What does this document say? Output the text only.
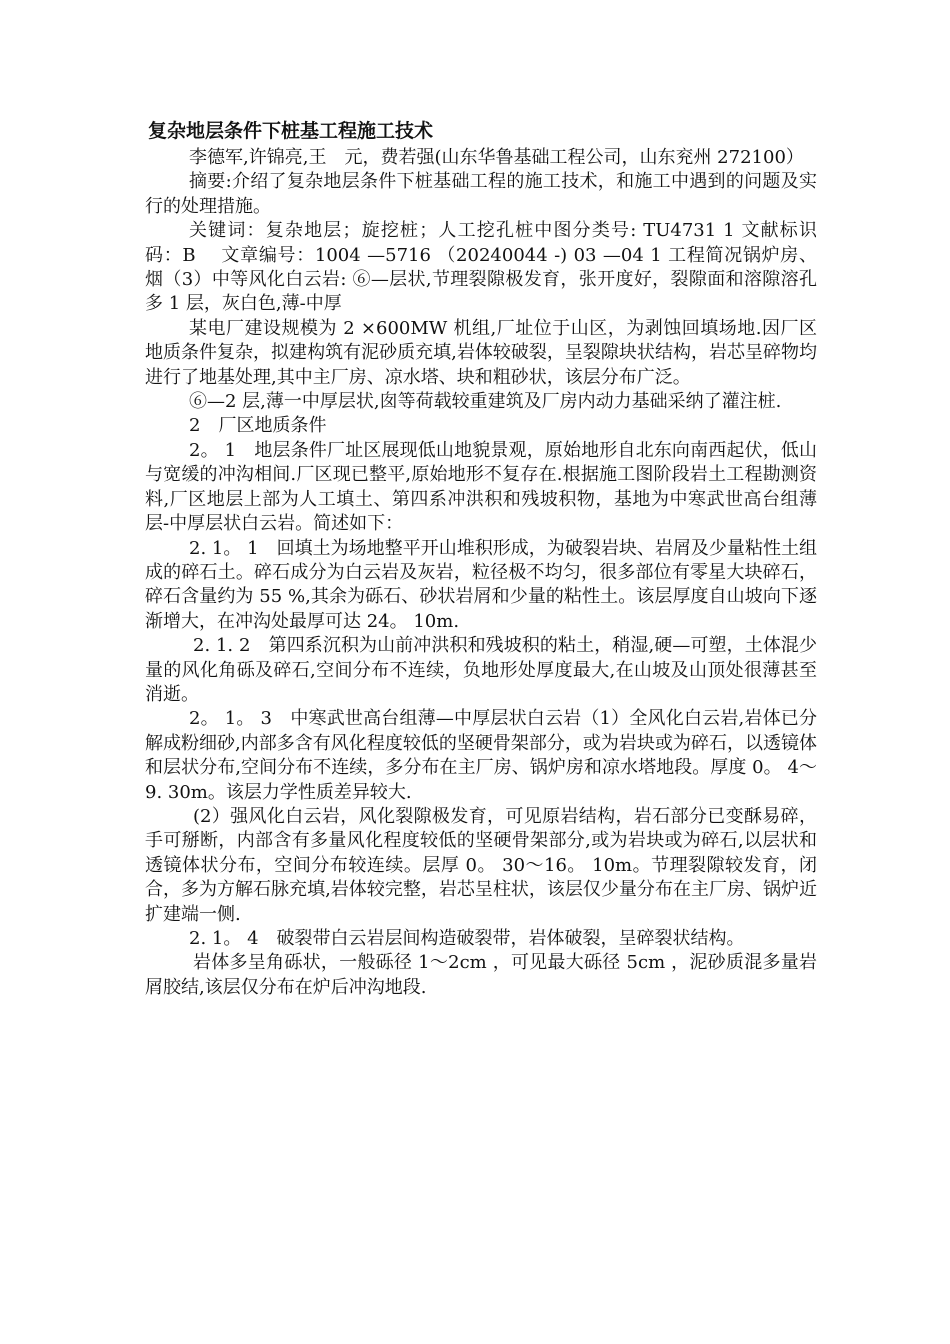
复杂地层条件下桩基工程施工技术

李德军,许锦亮,王　元，费若强(山东华鲁基础工程公司，山东兖州 272100）

摘要:介绍了复杂地层条件下桩基础工程的施工技术，和施工中遇到的问题及实行的处理措施。

关键词：复杂地层；旋挖桩；人工挖孔桩中图分类号: TU4731 1 文献标识码：B　 文章编号：1004 —5716 （20240044 -) 03 —04 1 工程简况锅炉房、烟（3）中等风化白云岩: ⑥—层状,节理裂隙极发育，张开度好，裂隙面和溶隙溶孔多 1 层，灰白色,薄-中厚

某电厂建设规模为 2 ×600MW 机组,厂址位于山区，为剥蚀回填场地.因厂区地质条件复杂，拟建构筑有泥砂质充填,岩体较破裂，呈裂隙块状结构，岩芯呈碎物均进行了地基处理,其中主厂房、凉水塔、块和粗砂状，该层分布广泛。

⑥—2 层,薄一中厚层状,囱等荷载较重建筑及厂房内动力基础采纳了灌注桩.

2　厂区地质条件

2。 1　地层条件厂址区展现低山地貌景观，原始地形自北东向南西起伏，低山与宽缓的冲沟相间.厂区现已整平,原始地形不复存在.根据施工图阶段岩土工程勘测资料,厂区地层上部为人工填土、第四系冲洪积和残坡积物，基地为中寒武世高台组薄层-中厚层状白云岩。简述如下：

2. 1。 1　回填土为场地整平开山堆积形成，为破裂岩块、岩屑及少量粘性土组成的碎石土。碎石成分为白云岩及灰岩，粒径极不均匀，很多部位有零星大块碎石，碎石含量约为 55 %,其余为砾石、砂状岩屑和少量的粘性土。该层厚度自山坡向下逐渐增大，在冲沟处最厚可达 24。 10m.

2. 1. 2　第四系沉积为山前冲洪积和残坡积的粘土，稍湿,硬—可塑，土体混少量的风化角砾及碎石,空间分布不连续，负地形处厚度最大,在山坡及山顶处很薄甚至消逝。

2。 1。 3　中寒武世高台组薄—中厚层状白云岩（1）全风化白云岩,岩体已分解成粉细砂,内部多含有风化程度较低的坚硬骨架部分，或为岩块或为碎石，以透镜体和层状分布,空间分布不连续，多分布在主厂房、锅炉房和凉水塔地段。厚度 0。 4～9. 30m。该层力学性质差异较大.

(2）强风化白云岩，风化裂隙极发育，可见原岩结构，岩石部分已变酥易碎，手可掰断，内部含有多量风化程度较低的坚硬骨架部分,或为岩块或为碎石,以层状和透镜体状分布，空间分布较连续。层厚 0。 30～16。 10m。节理裂隙较发育，闭合，多为方解石脉充填,岩体较完整，岩芯呈柱状，该层仅少量分布在主厂房、锅炉近扩建端一侧.

2. 1。 4　破裂带白云岩层间构造破裂带，岩体破裂，呈碎裂状结构。

岩体多呈角砾状，一般砾径 1～2cm ，可见最大砾径 5cm ，泥砂质混多量岩屑胶结,该层仅分布在炉后冲沟地段.
